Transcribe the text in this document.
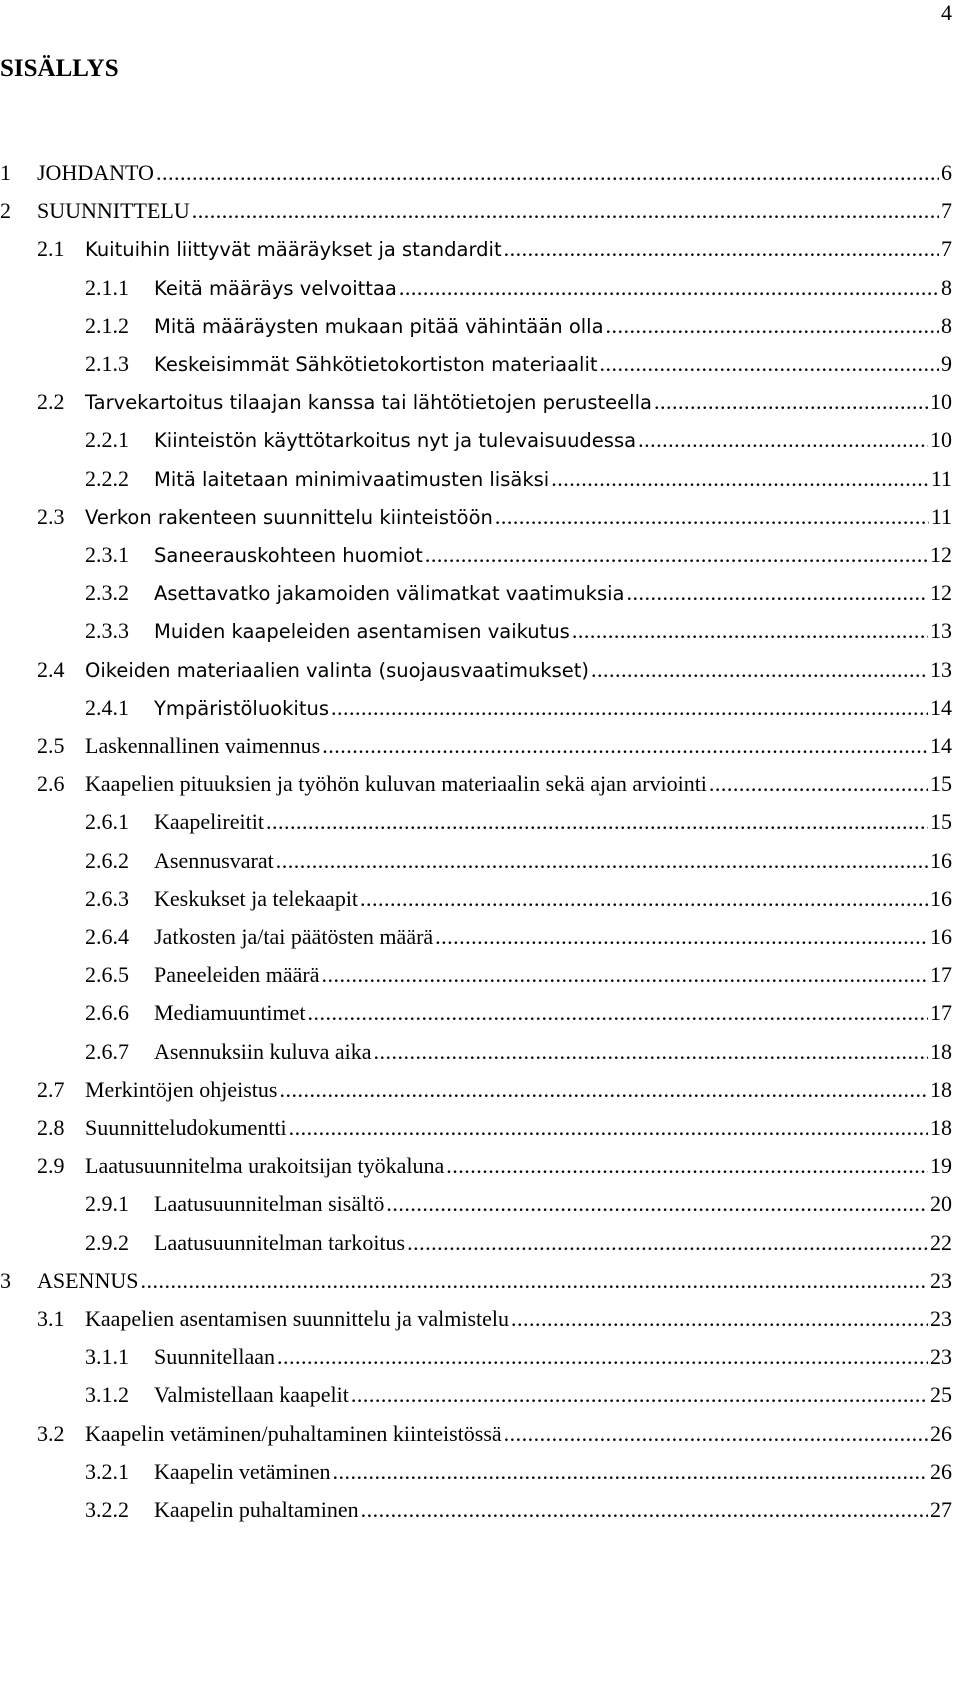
4
SISÄLLYS
1	JOHDANTO .....	6
2	SUUNNITTELU .....	7
2.1	Kuituihin liittyvät määräykset ja standardit .....	7
2.1.1	Keitä määräys velvoittaa .....	8
2.1.2	Mitä määräysten mukaan pitää vähintään olla .....	8
2.1.3	Keskeisimmät Sähkötietokortiston materiaalit .....	9
2.2	Tarvekartoitus tilaajan kanssa tai lähtötietojen perusteella .....	10
2.2.1	Kiinteistön käyttötarkoitus nyt ja tulevaisuudessa .....	10
2.2.2	Mitä laitetaan minimivaatimusten lisäksi .....	11
2.3	Verkon rakenteen suunnittelu kiinteistöön .....	11
2.3.1	Saneerauskohteen huomiot .....	12
2.3.2	Asettavatko jakamoiden välimatkat vaatimuksia .....	12
2.3.3	Muiden kaapeleiden asentamisen vaikutus .....	13
2.4	Oikeiden materiaalien valinta (suojausvaatimukset) .....	13
2.4.1	Ympäristöluokitus .....	14
2.5 Laskennallinen vaimennus .....	14
2.6 Kaapelien pituuksien ja työhön kuluvan materiaalin sekä ajan arviointi .....	15
2.6.1	Kaapelireitit .....	15
2.6.2	Asennusvarat .....	16
2.6.3	Keskukset ja telekaapit .....	16
2.6.4	Jatkosten ja/tai päätösten määrä .....	16
2.6.5	Paneeleiden määrä .....	17
2.6.6	Mediamuuntimet .....	17
2.6.7	Asennuksiin kuluva aika .....	18
2.7 Merkintöjen ohjeistus .....	18
2.8 Suunnitteludokumentti .....	18
2.9 Laatusuunnitelma urakoitsijan työkaluna .....	19
2.9.1	Laatusuunnitelman sisältö .....	20
2.9.2	Laatusuunnitelman tarkoitus .....	22
3	ASENNUS .....	23
3.1 Kaapelien asentamisen suunnittelu ja valmistelu .....	23
3.1.1	Suunnitellaan .....	23
3.1.2	Valmistellaan kaapelit .....	25
3.2 Kaapelin vetäminen/puhaltaminen kiinteistössä .....	26
3.2.1	Kaapelin vetäminen .....	26
3.2.2	Kaapelin puhaltaminen .....	27
